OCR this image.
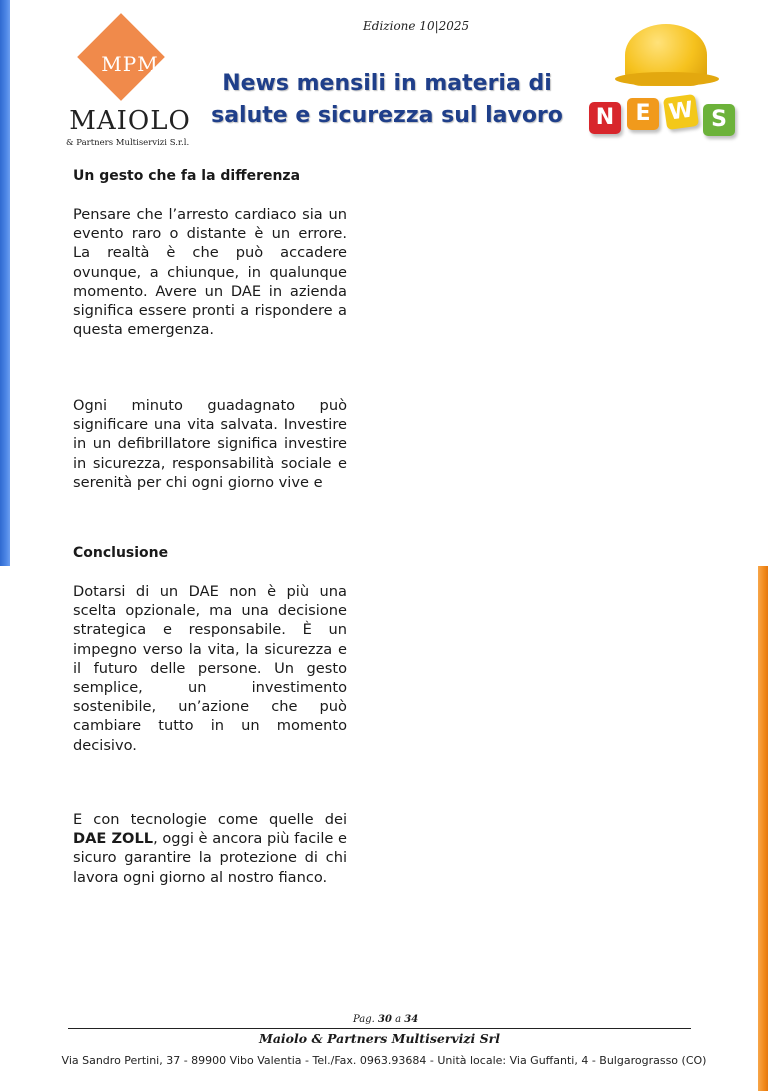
Edizione 10|2025
MPM
MAIOLO
& Partners Multiservizi S.r.l.
News mensili in materia di
salute e sicurezza sul lavoro	N E W S
Un gesto che fa la differenza
Pensare che l’arresto cardiaco sia un evento raro o distante è un errore. La realtà è che può accadere ovunque, a chiunque, in qualunque momento. Avere un DAE in azienda significa essere pronti a rispondere a questa emergenza.
Ogni minuto guadagnato può significare una vita salvata. Investire in un defibrillatore significa investire in sicurezza, responsabilità sociale e serenità per chi ogni giorno vive e
Conclusione
Dotarsi di un DAE non è più una scelta opzionale, ma una decisione strategica e responsabile. È un impegno verso la vita, la sicurezza e il futuro delle persone. Un gesto semplice, un investimento sostenibile, un’azione che può cambiare tutto in un momento decisivo.
E con tecnologie come quelle dei DAE ZOLL, oggi è ancora più facile e sicuro garantire la protezione di chi lavora ogni giorno al nostro fianco.
Pag. 30 a 34
Maiolo & Partners Multiservizi Srl
Via Sandro Pertini, 37 - 89900 Vibo Valentia - Tel./Fax. 0963.93684 - Unità locale: Via Guffanti, 4 - Bulgarograsso (CO)
